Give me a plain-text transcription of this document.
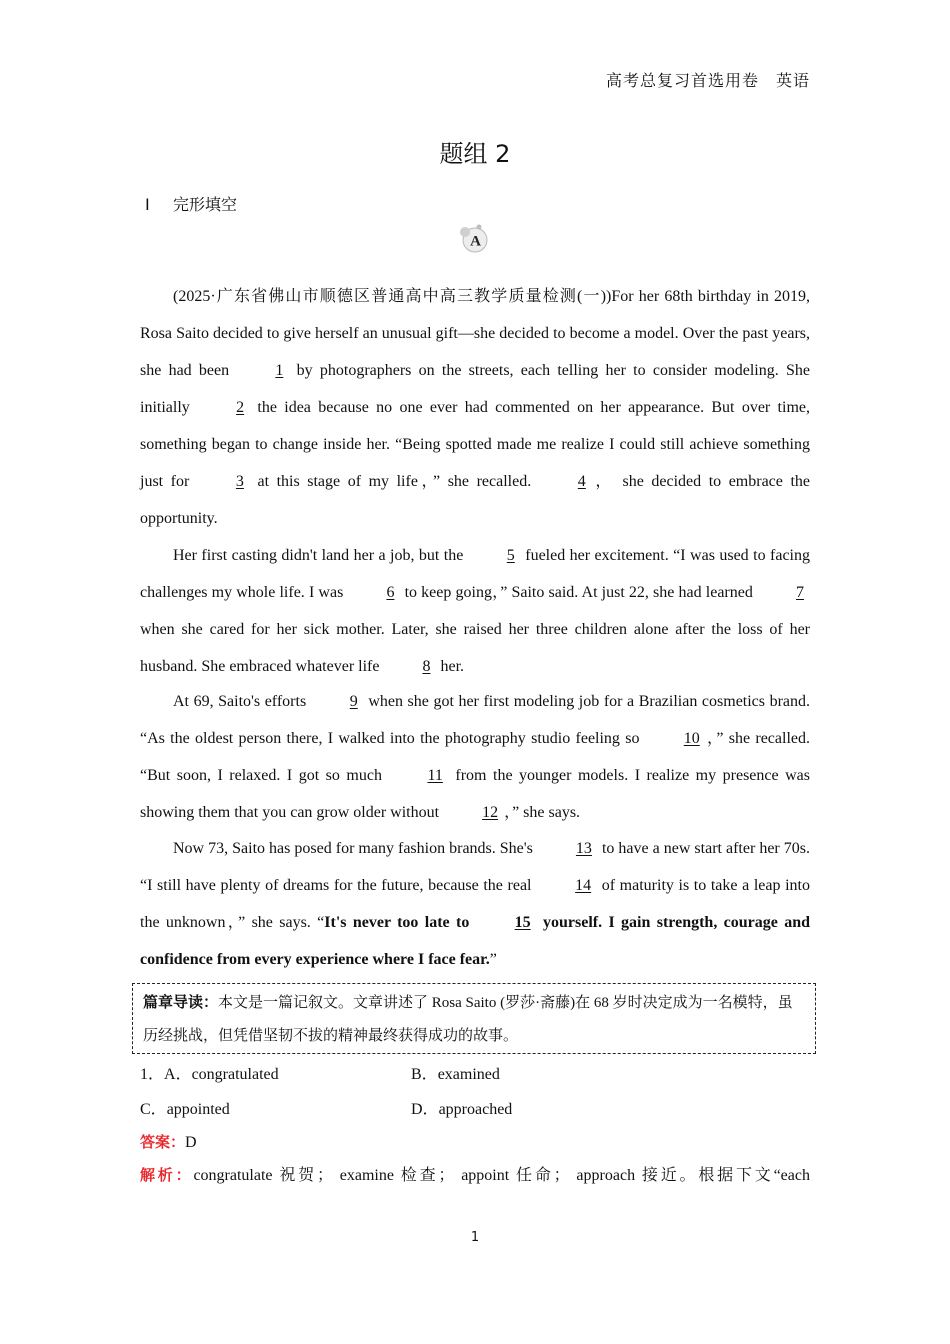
高考总复习首选用卷　英语
题组 2
Ⅰ 完形填空
A
(2025·广东省佛山市顺德区普通高中高三教学质量检测(一))For her 68th birthday in 2019, Rosa Saito decided to give herself an unusual gift—she decided to become a model. Over the past years, she had been 1 by photographers on the streets, each telling her to consider modeling. She initially 2 the idea because no one ever had commented on her appearance. But over time, something began to change inside her. “Being spotted made me realize I could still achieve something just for 3 at this stage of my life，” she recalled. 4 ， she decided to embrace the opportunity.
Her first casting didn't land her a job, but the 5 fueled her excitement. “I was used to facing challenges my whole life. I was 6 to keep going，” Saito said. At just 22, she had learned 7 when she cared for her sick mother. Later, she raised her three children alone after the loss of her husband. She embraced whatever life 8 her.
At 69, Saito's efforts 9 when she got her first modeling job for a Brazilian cosmetics brand. “As the oldest person there, I walked into the photography studio feeling so 10 ，” she recalled. “But soon, I relaxed. I got so much 11 from the younger models. I realize my presence was showing them that you can grow older without 12 ，” she says.
Now 73, Saito has posed for many fashion brands. She's 13 to have a new start after her 70s. “I still have plenty of dreams for the future, because the real 14 of maturity is to take a leap into the unknown，” she says. “It's never too late to 15 yourself. I gain strength, courage and confidence from every experience where I face fear.”
篇章导读：本文是一篇记叙文。文章讲述了 Rosa Saito (罗莎·斋藤)在 68 岁时决定成为一名模特，虽历经挑战，但凭借坚韧不拔的精神最终获得成功的故事。
1．A．congratulated	B．examined
C．appointed	D．approached
答案：D
解析：congratulate 祝贺； examine 检查； appoint 任命； approach 接近。根据下文“each
1
